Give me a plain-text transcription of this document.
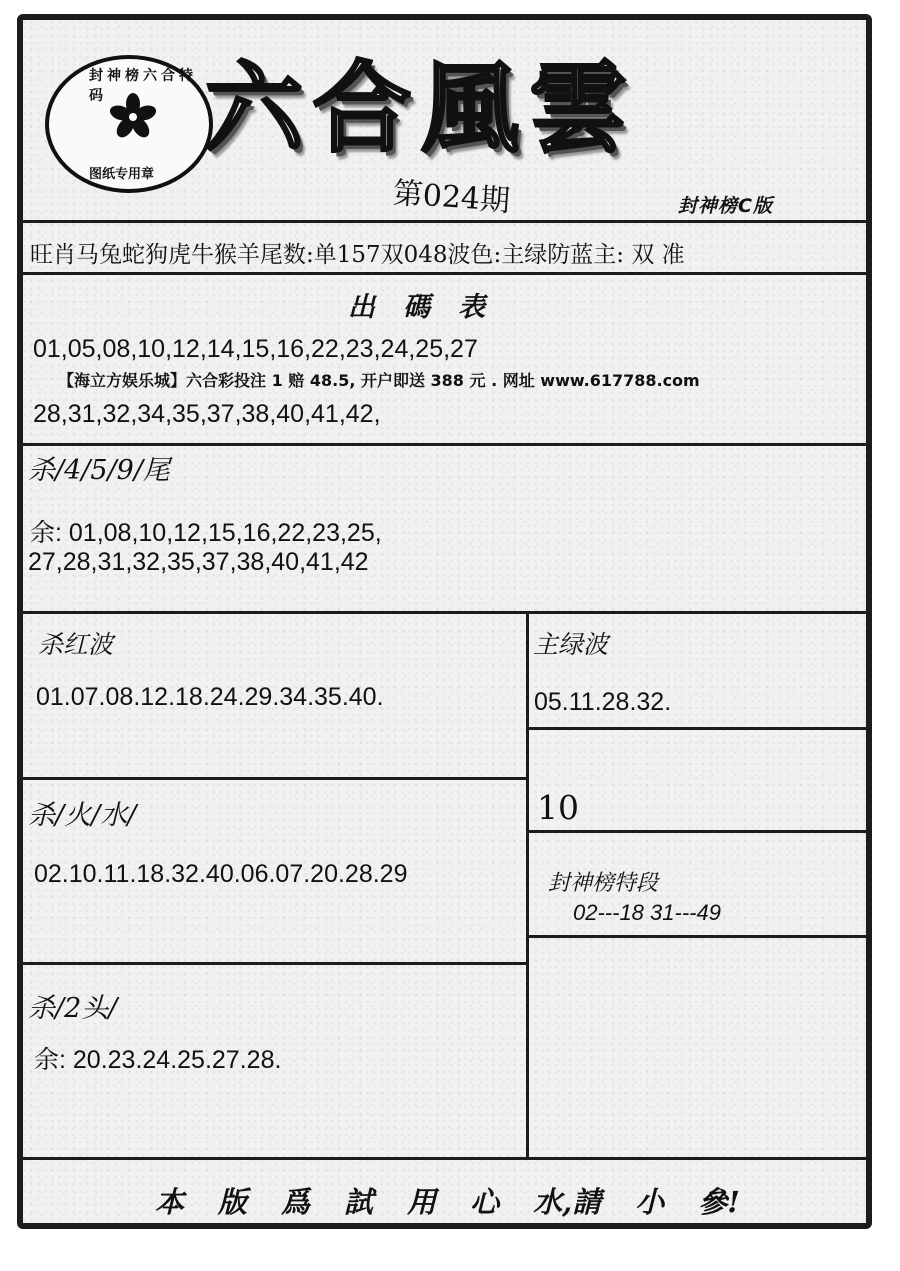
封神榜六合特码
图纸专用章
六合風雲
第024期	封神榜C版
旺肖马兔蛇狗虎牛猴羊尾数:单157双048波色:主绿防蓝主: 双 准
出碼表
01,05,08,10,12,14,15,16,22,23,24,25,27
【海立方娱乐城】六合彩投注 1 赔 48.5, 开户即送 388 元 . 网址 www.617788.com
28,31,32,34,35,37,38,40,41,42,
杀/4/5/9/尾
余: 01,08,10,12,15,16,22,23,25,
27,28,31,32,35,37,38,40,41,42
杀红波
01.07.08.12.18.24.29.34.35.40.
杀/火/水/
02.10.11.18.32.40.06.07.20.28.29
杀/2头/
余: 20.23.24.25.27.28.
主绿波
05.11.28.32.
10
封神榜特段
02---18 31---49
本 版 爲 試 用 心 水,請 小 參!
